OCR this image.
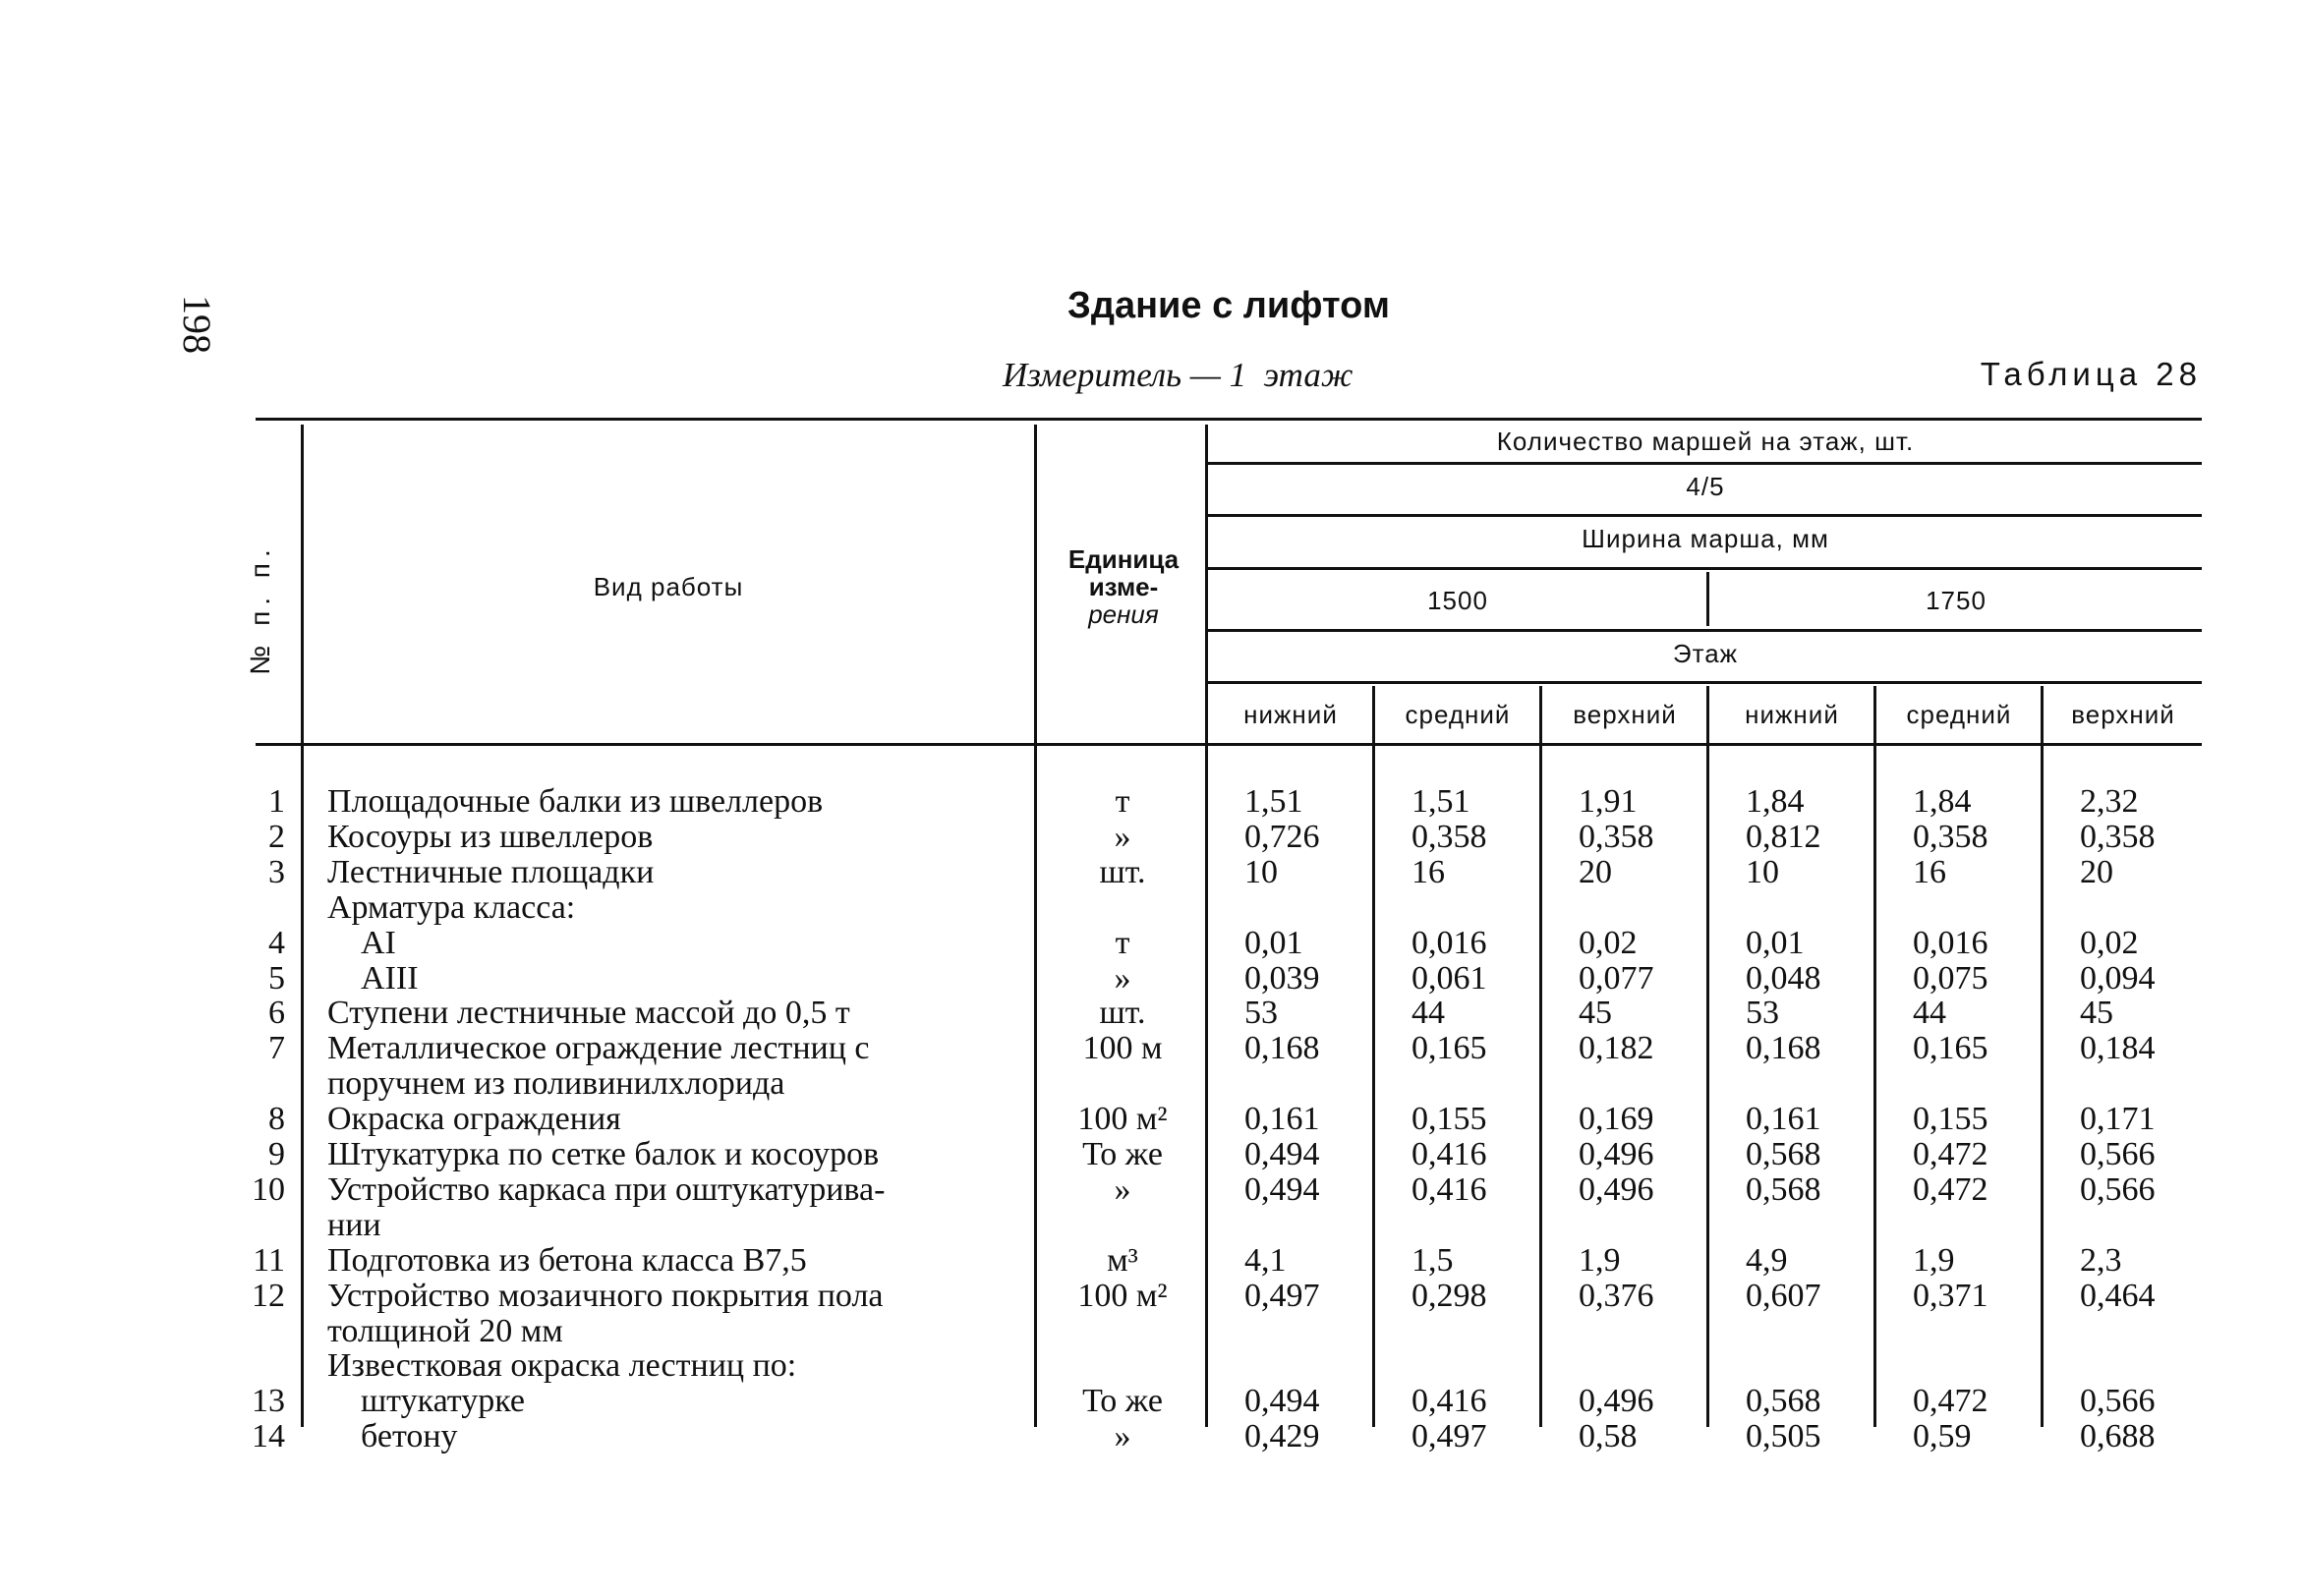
198	Здание с лифтом
Измеритель — 1  этаж	Таблица 28
№ п. п.	Вид работы
Единица
изме-
рения
Количество маршей на этаж, шт.
4/5
Ширина марша, мм
1500	1750
Этаж
нижний	средний	верхний	нижний	средний	верхний
1 Площадочные балки из швеллеров	т	1,51	1,51	1,91	1,84	1,84	2,32
2 Косоуры из швеллеров	»	0,726	0,358	0,358	0,812	0,358	0,358
3 Лестничные площадки	шт.	10	16	20	10	16	20
Арматура класса:
4	AI	т	0,01	0,016	0,02	0,01	0,016	0,02
5	AIII	»	0,039	0,061	0,077	0,048	0,075	0,094
6 Ступени лестничные массой до 0,5 т	шт.	53	44	45	53	44	45
7 Металлическое ограждение лестниц с	100 м	0,168	0,165	0,182	0,168	0,165	0,184
поручнем из поливинилхлорида
8 Окраска ограждения	100 м²	0,161	0,155	0,169	0,161	0,155	0,171
9 Штукатурка по сетке балок и косоуров	То же	0,494	0,416	0,496	0,568	0,472	0,566
10 Устройство каркаса при оштукатурива-	»	0,494	0,416	0,496	0,568	0,472	0,566
нии
11 Подготовка из бетона класса В7,5	м³	4,1	1,5	1,9	4,9	1,9	2,3
12 Устройство мозаичного покрытия пола	100 м²	0,497	0,298	0,376	0,607	0,371	0,464
толщиной 20 мм
Известковая окраска лестниц по:
13	штукатурке	То же	0,494	0,416	0,496	0,568	0,472	0,566
14	бетону	»	0,429	0,497	0,58	0,505	0,59	0,688
